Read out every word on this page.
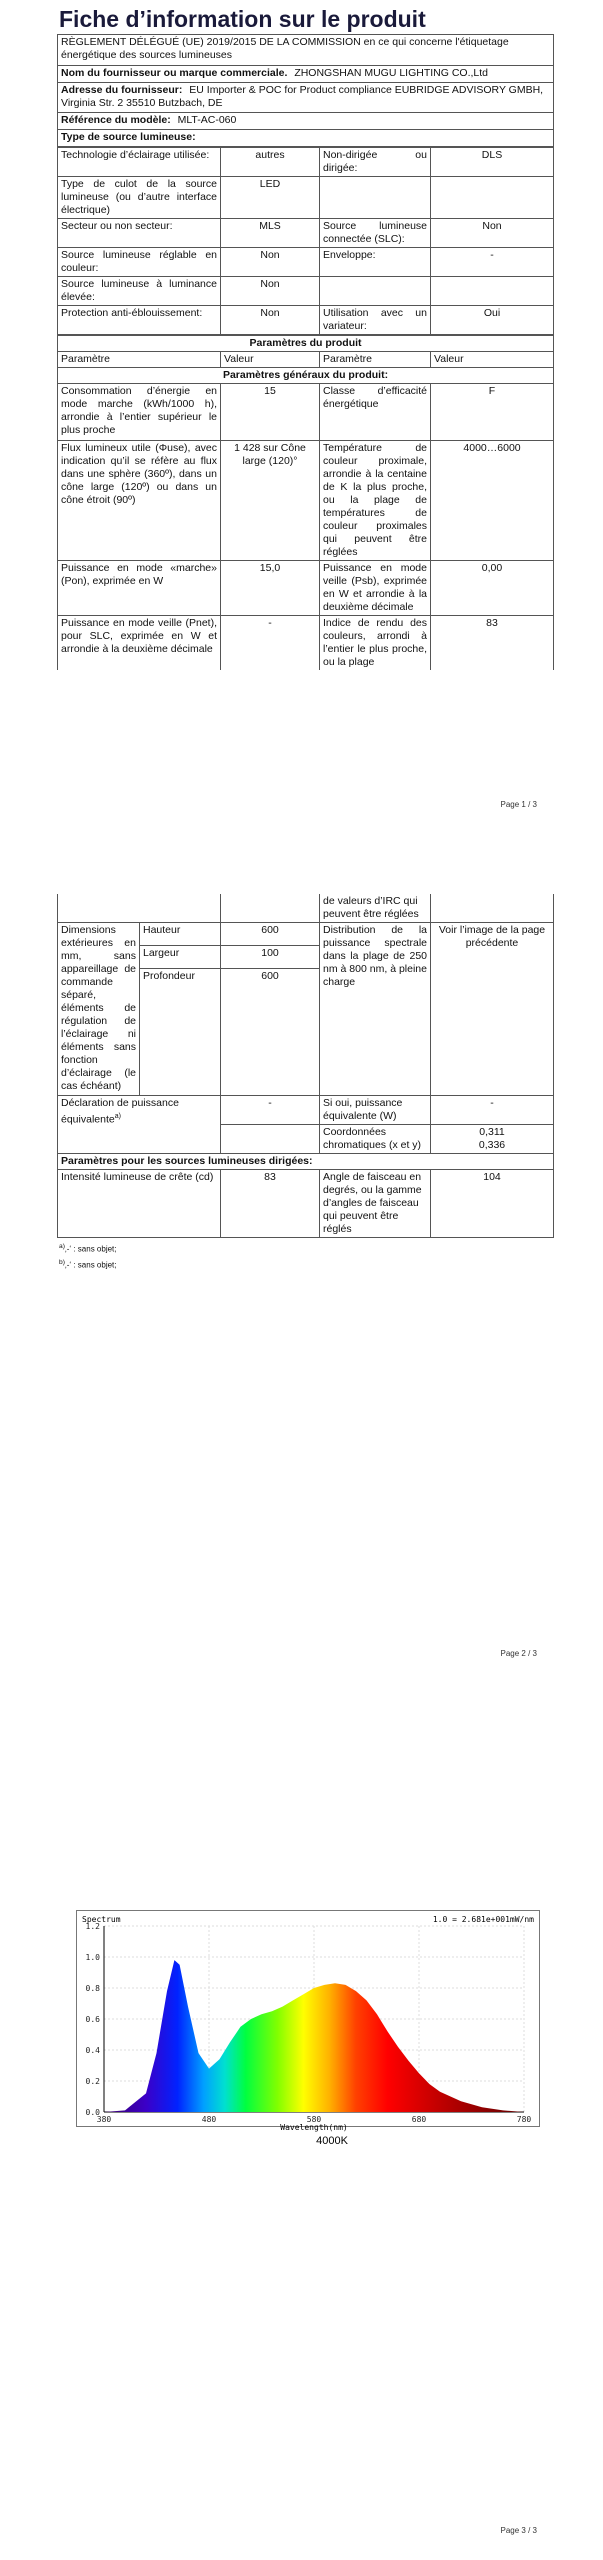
Fiche d’information sur le produit
RÈGLEMENT DÉLÉGUÉ (UE) 2019/2015 DE LA COMMISSION en ce qui concerne l'étiquetage énergétique des sources lumineuses
Nom du fournisseur ou marque commerciale. ZHONGSHAN MUGU LIGHTING CO.,Ltd
Adresse du fournisseur: EU Importer & POC for Product compliance EUBRIDGE ADVISORY GMBH, Virginia Str. 2 35510 Butzbach, DE
Référence du modèle: MLT-AC-060
Type de source lumineuse:
Technologie d’éclairage utilisée:	autres	Non-dirigée ou dirigée:	DLS
Type de culot de la source lumineuse (ou d’autre interface électrique)	LED		
Secteur ou non secteur:	MLS	Source lumineuse connectée (SLC):	Non
Source lumineuse réglable en couleur:	Non	Enveloppe:	-
Source lumineuse à luminance élevée:	Non		
Protection anti-éblouissement:	Non	Utilisation avec un variateur:	Oui
Paramètres du produit			
Paramètre	Valeur	Paramètre	Valeur
Paramètres généraux du produit:			
Consommation d’énergie en mode marche (kWh/1000 h), arrondie à l’entier supérieur le plus proche	15	Classe d’efficacité énergétique	F
Flux lumineux utile (Φuse), avec indication qu’il se réfère au flux dans une sphère (360º), dans un cône large (120º) ou dans un cône étroit (90º)	1 428 sur Cône large (120)°	Température de couleur proximale, arrondie à la centaine de K la plus proche, ou la plage de températures de couleur proximales qui peuvent être réglées	4000…6000
Puissance en mode «marche» (Pon), exprimée en W	15,0	Puissance en mode veille (Psb), exprimée en W et arrondie à la deuxième décimale	0,00
Puissance en mode veille (Pnet), pour SLC, exprimée en W et arrondie à la deuxième décimale	-	Indice de rendu des couleurs, arrondi à l’entier le plus proche, ou la plage	83
Page 1 / 3
			de valeurs d’IRC qui peuvent être réglées	
Dimensions extérieures en mm, sans appareillage de commande séparé, éléments de régulation de l’éclairage ni éléments sans fonction d’éclairage (le cas échéant)	Hauteur	600	Distribution de la puissance spectrale dans la plage de 250 nm à 800 nm, à pleine charge	Voir l’image de la page précédente
	Largeur	100		
	Profondeur	600		
Déclaration de puissance équivalente$^{a)}$		-	Si oui, puissance équivalente (W)	-
			Coordonnées chromatiques (x et y)	0,311
0,336

Paramètres pour les sources lumineuses dirigées:				
Intensité lumineuse de crête (cd)		83	Angle de faisceau en degrés, ou la gamme d’angles de faisceau qui peuvent être réglés	104
$^{a)}$‚-‘ : sans objet;
$^{b)}$‚-‘ : sans objet;
Page 2 / 3
0.0
0.2
0.4
0.6
0.8
1.0
1.2
380	480	580	680	780
Spectrum	1.0 = 2.681e+001mW/nm
Wavelength(nm)
4000K
Page 3 / 3
